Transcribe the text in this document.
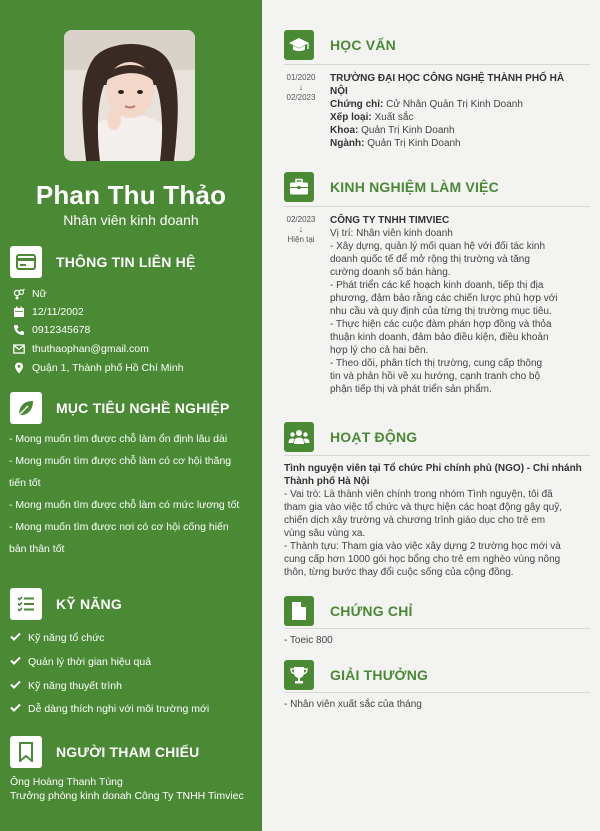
Phan Thu Thảo
Nhân viên kinh doanh
THÔNG TIN LIÊN HỆ
Nữ
12/11/2002
0912345678
thuthaophan@gmail.com
Quận 1, Thành phố Hồ Chí Minh
MỤC TIÊU NGHỀ NGHIỆP
- Mong muốn tìm được chỗ làm ổn định lâu dài
- Mong muốn tìm được chỗ làm có cơ hội thăng
tiến tốt
- Mong muốn tìm được chỗ làm có mức lương tốt
- Mong muốn tìm được nơi có cơ hội cống hiến
bản thân tốt
KỸ NĂNG
Kỹ năng tổ chức
Quản lý thời gian hiệu quả
Kỹ năng thuyết trình
Dễ dàng thích nghi với môi trường mới
NGƯỜI THAM CHIẾU
Ông Hoàng Thanh Tùng
Trưởng phòng kinh donah Công Ty TNHH Timviec
HỌC VẤN
01/2020
↓
02/2023
TRƯỜNG ĐẠI HỌC CÔNG NGHỆ THÀNH PHỐ HÀ
NỘI
Chứng chỉ: Cử Nhân Quản Trị Kinh Doanh
Xếp loại: Xuất sắc
Khoa: Quản Trị Kinh Doanh
Ngành: Quản Trị Kinh Doanh
KINH NGHIỆM LÀM VIỆC
02/2023
↓
Hiện tại
CÔNG TY TNHH TIMVIEC
Vị trí: Nhân viên kinh doanh
- Xây dựng, quản lý mối quan hệ với đối tác kinh
doanh quốc tế để mở rộng thị trường và tăng
cường doanh số bán hàng.
- Phát triển các kế hoạch kinh doanh, tiếp thị địa
phương, đảm bảo rằng các chiến lược phù hợp với
nhu cầu và quy định của từng thị trường mục tiêu.
- Thực hiện các cuộc đàm phán hợp đồng và thỏa
thuận kinh doanh, đảm bảo điều kiện, điều khoản
hợp lý cho cả hai bên.
- Theo dõi, phân tích thị trường, cung cấp thông
tin và phản hồi về xu hướng, cạnh tranh cho bộ
phận tiếp thị và phát triển sản phẩm.
HOẠT ĐỘNG
Tình nguyện viên tại Tổ chức Phi chính phủ (NGO) - Chi nhánh
Thành phố Hà Nội
- Vai trò: Là thành viên chính trong nhóm Tình nguyện, tôi đã
tham gia vào việc tổ chức và thực hiện các hoạt động gây quỹ,
chiến dịch xây trường và chương trình giáo dục cho trẻ em
vùng sâu vùng xa.
- Thành tựu: Tham gia vào việc xây dựng 2 trường học mới và
cung cấp hơn 1000 gói học bổng cho trẻ em nghèo vùng nông
thôn, từng bước thay đổi cuộc sống của cộng đồng.
CHỨNG CHỈ
- Toeic 800
GIẢI THƯỞNG
- Nhân viên xuất sắc của tháng
